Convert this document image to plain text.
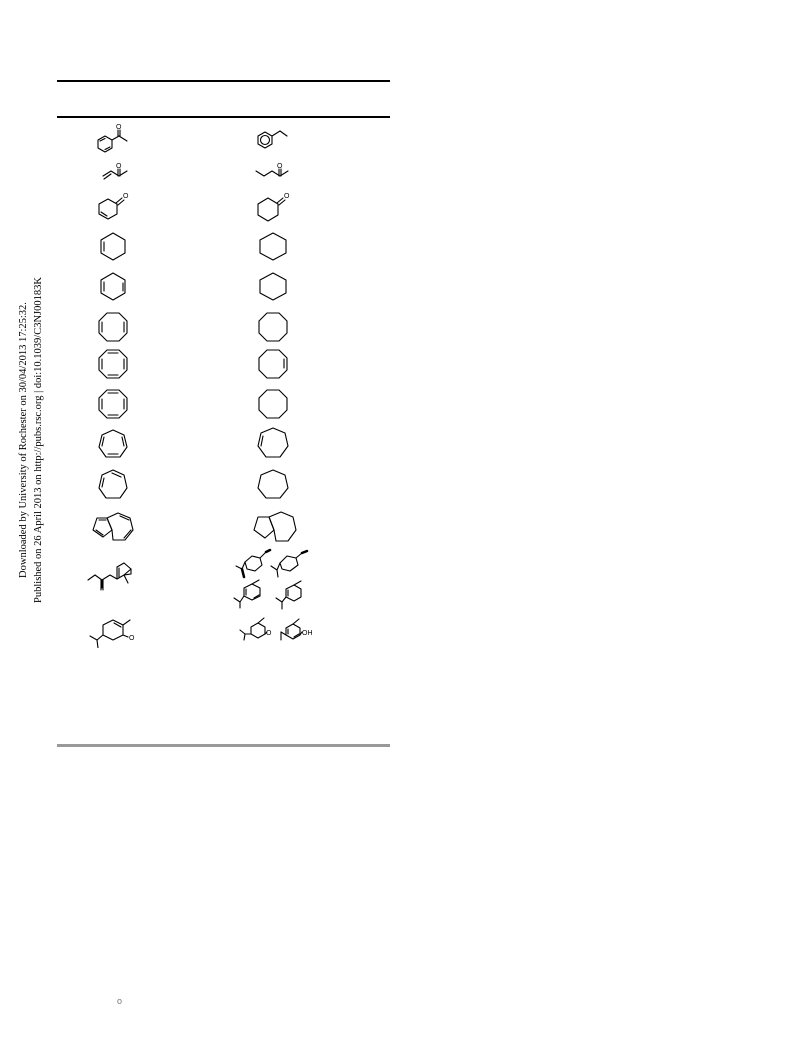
Downloaded by University of Rochester on 30/04/2013 17:25:32. Published on 26 April 2013 on http://pubs.rsc.org | doi:10.1039/C3NJ00183K
O
O	O
O	O
O
O	OH
o
